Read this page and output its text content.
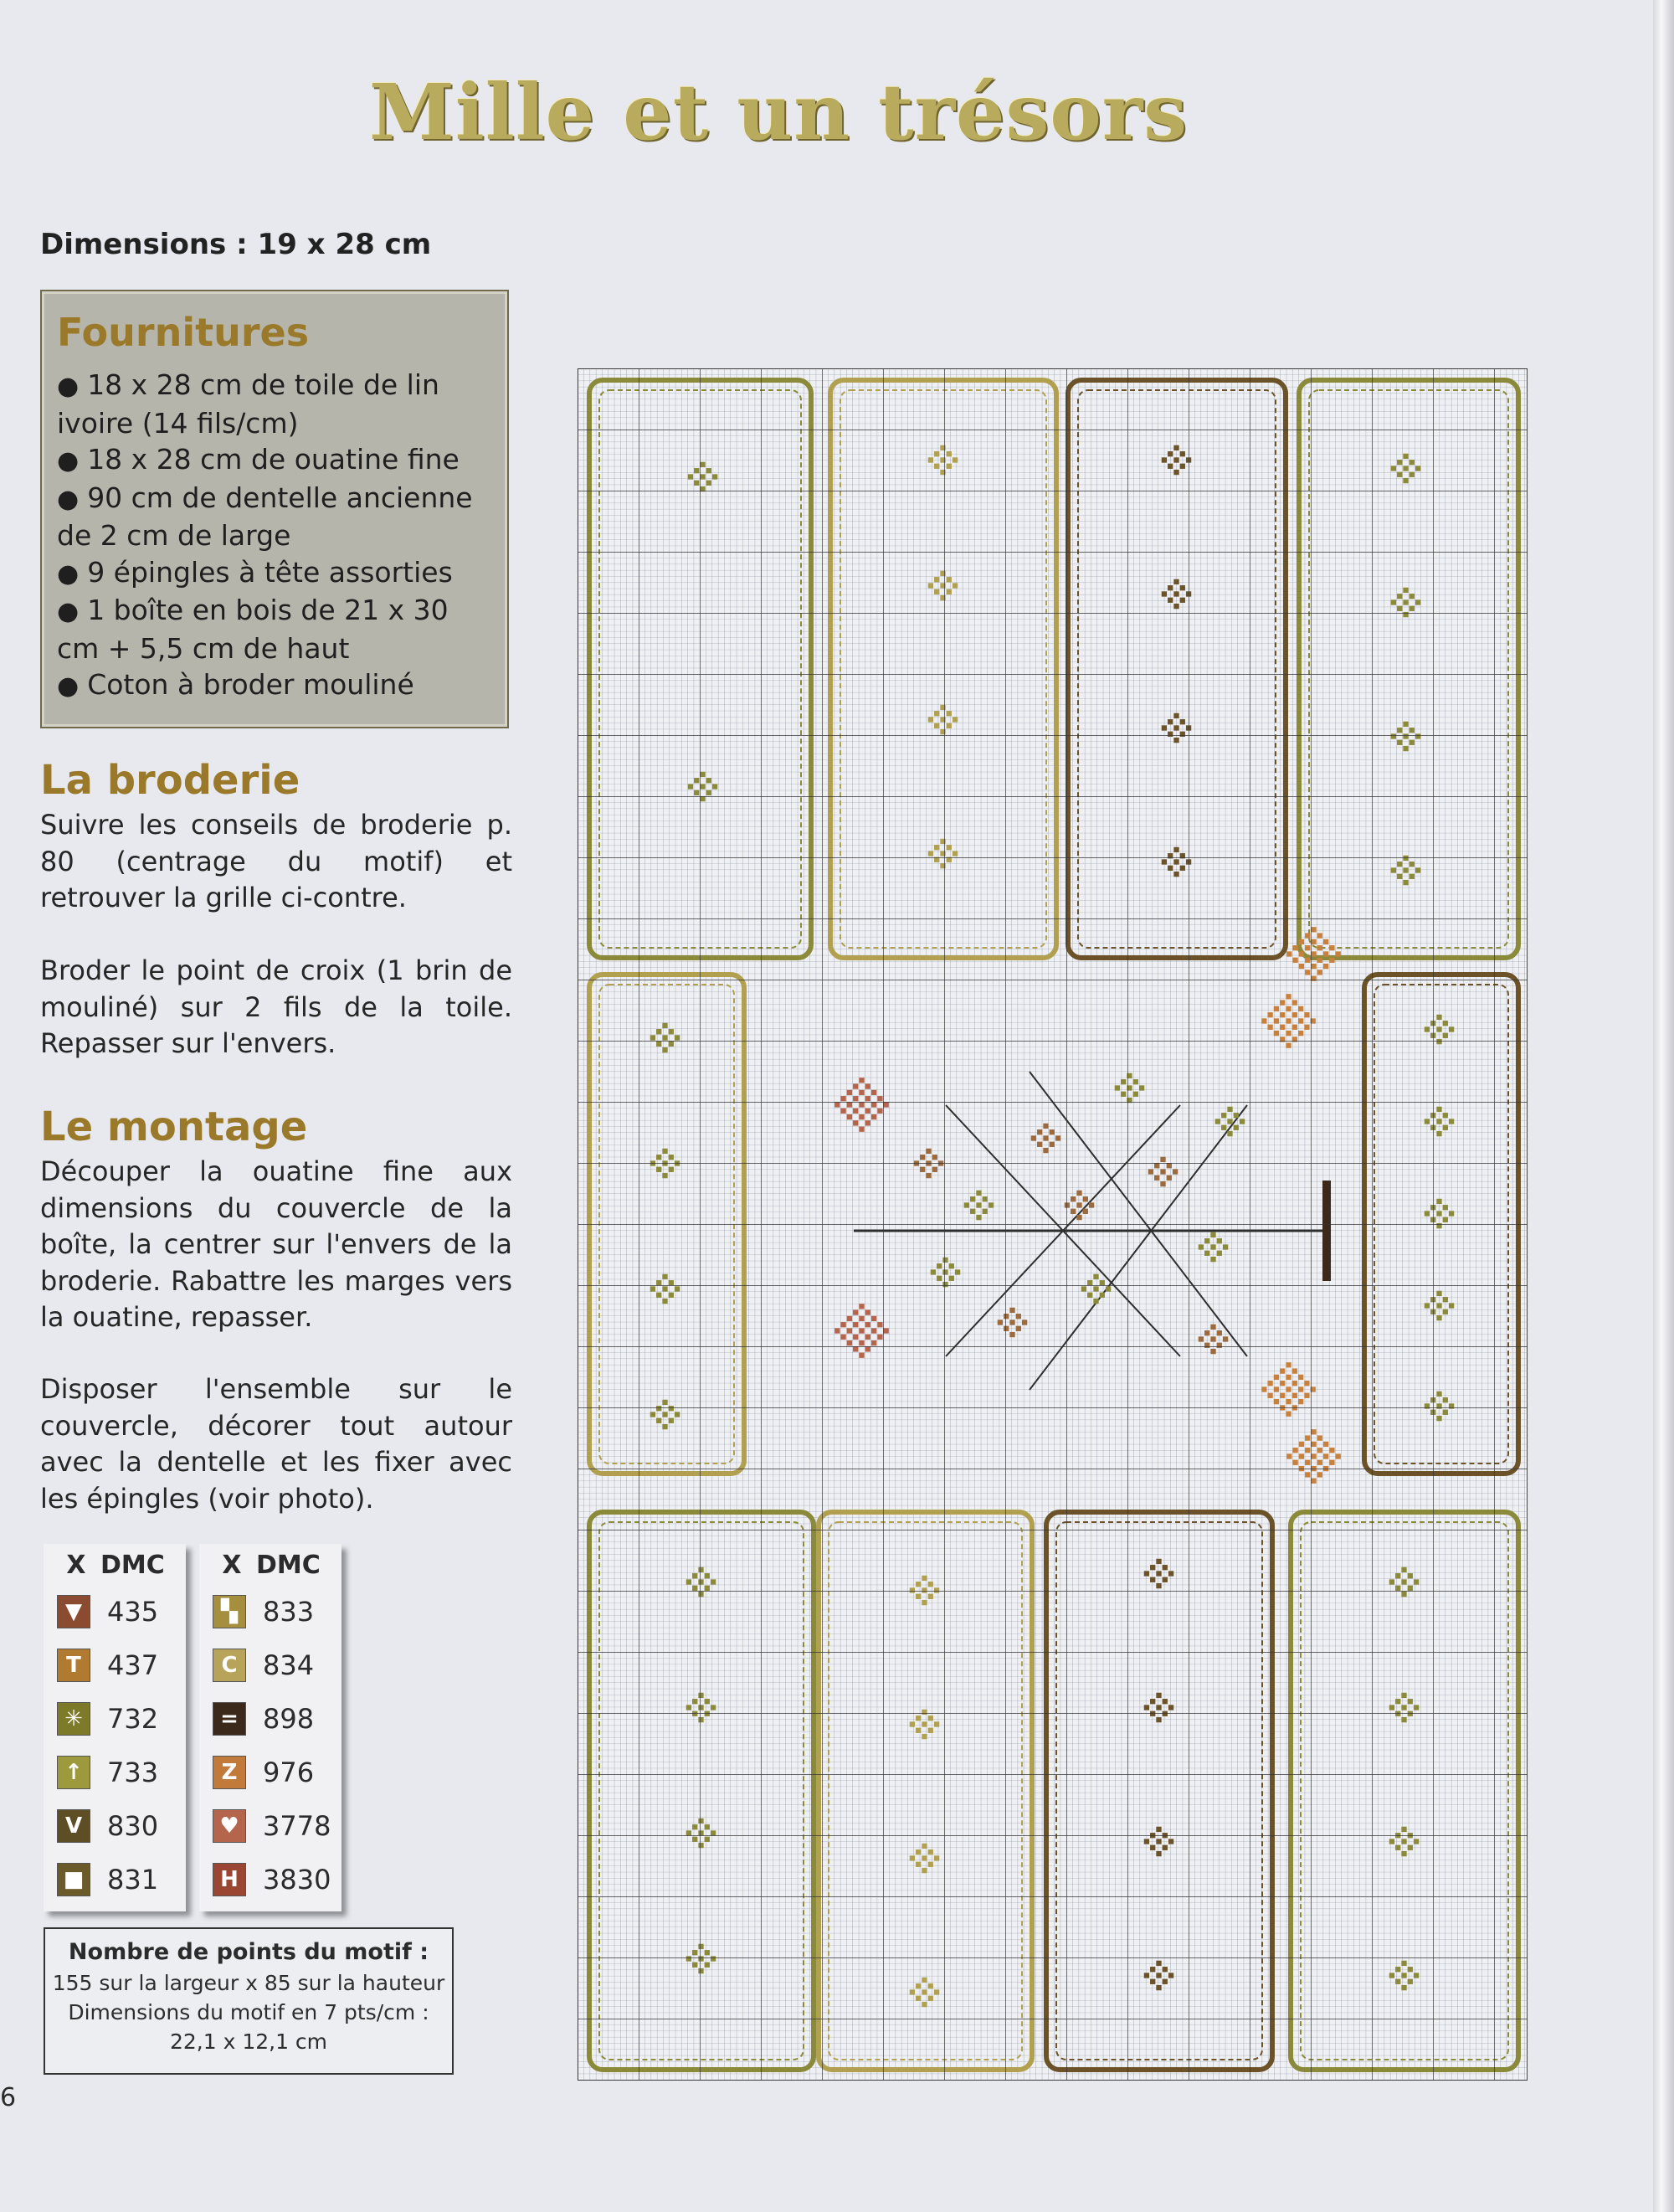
Mille et un trésors
Dimensions : 19 x 28 cm
Fournitures
● 18 x 28 cm de toile de lin ivoire (14 fils/cm)
● 18 x 28 cm de ouatine fine
● 90 cm de dentelle ancienne de 2 cm de large
● 9 épingles à tête assorties
● 1 boîte en bois de 21 x 30 cm + 5,5 cm de haut
● Coton à broder mouliné
La broderie
Suivre les conseils de broderie p. 80 (centrage du motif) et retrouver la grille ci-contre.
Broder le point de croix (1 brin de mouliné) sur 2 fils de la toile. Repasser sur l'envers.
Le montage
Découper la ouatine fine aux dimensions du couvercle de la boîte, la centrer sur l'envers de la broderie. Rabattre les marges vers la ouatine, repasser.
Disposer l'ensemble sur le couvercle, décorer tout autour avec la dentelle et les fixer avec les épingles (voir photo).
X DMC
▼ 435
T 437
✳ 732
↑ 733
V 830
■ 831
X DMC
▚ 833
C 834
= 898
Z 976
♥ 3778
H 3830
Nombre de points du motif :
155 sur la largeur x 85 sur la hauteur
Dimensions du motif en 7 pts/cm :
22,1 x 12,1 cm
6
